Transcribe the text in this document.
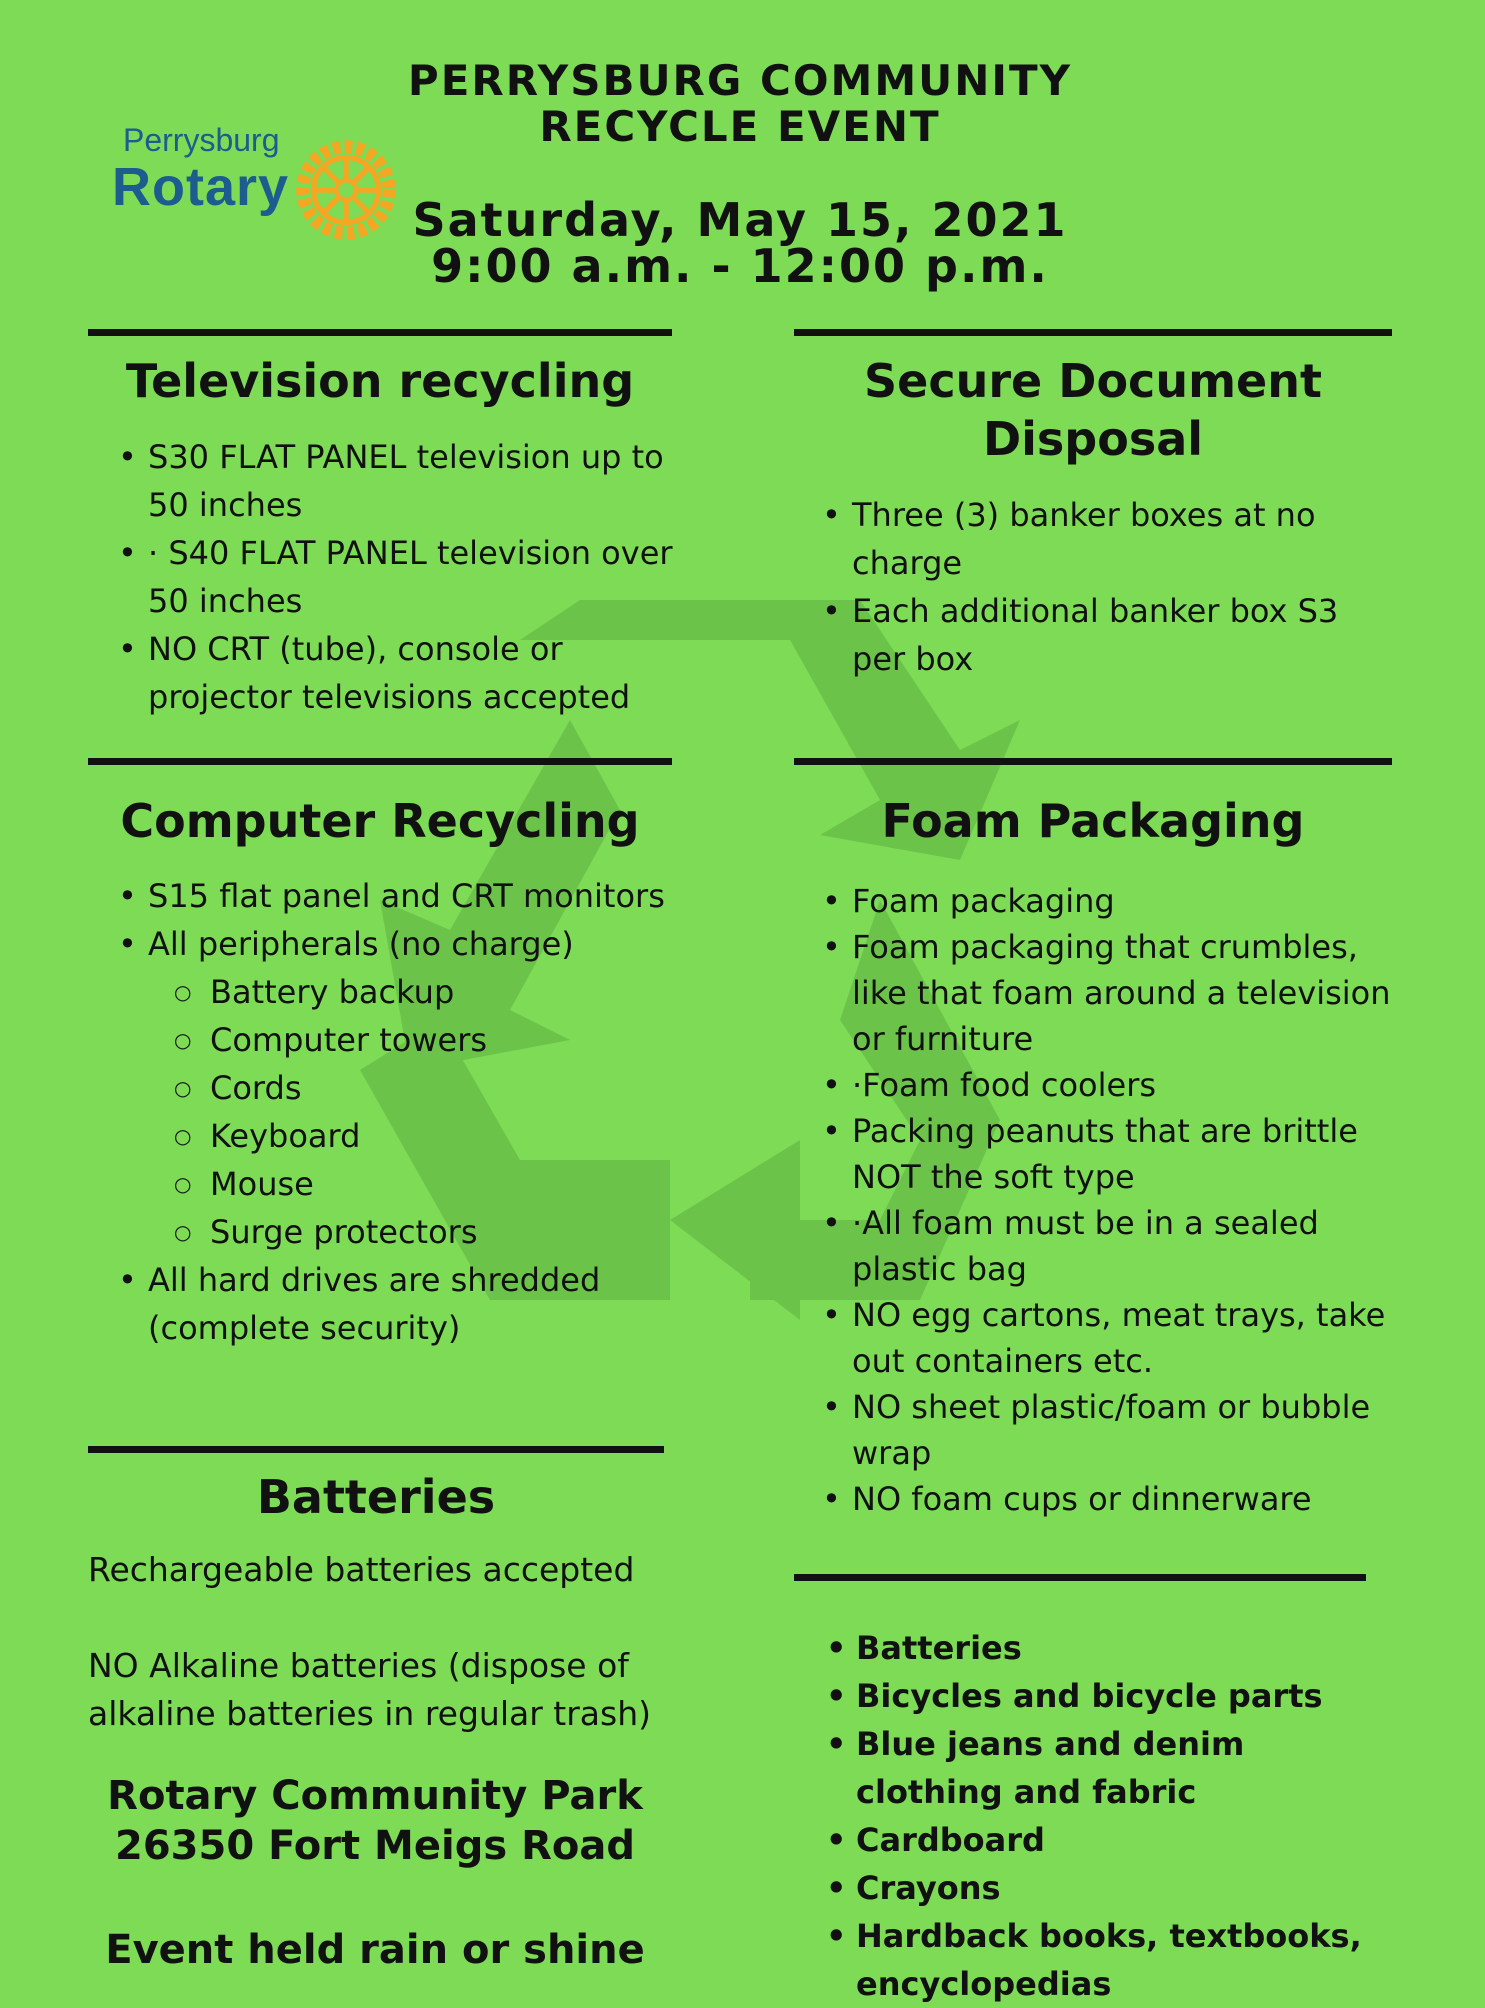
Perrysburg
Rotary
PERRYSBURG COMMUNITY
RECYCLE EVENT
Saturday, May 15, 2021
9:00 a.m. - 12:00 p.m.
Television recycling
• S30 FLAT PANEL television up to 50 inches
• · S40 FLAT PANEL television over 50 inches
• NO CRT (tube), console or projector televisions accepted
Secure Document
Disposal
• Three (3) banker boxes at no charge
• Each additional banker box S3 per box
Computer Recycling
• S15 flat panel and CRT monitors
• All peripherals (no charge)
○ Battery backup
○ Computer towers
○ Cords
○ Keyboard
○ Mouse
○ Surge protectors
• All hard drives are shredded (complete security)
Foam Packaging
• Foam packaging
• Foam packaging that crumbles, like that foam around a television or furniture
• ·Foam food coolers
• Packing peanuts that are brittle NOT the soft type
• ·All foam must be in a sealed plastic bag
• NO egg cartons, meat trays, take out containers etc.
• NO sheet plastic/foam or bubble wrap
• NO foam cups or dinnerware
Batteries
Rechargeable batteries accepted
NO Alkaline batteries (dispose of alkaline batteries in regular trash)
Rotary Community Park
26350 Fort Meigs Road
Event held rain or shine
• Batteries
• Bicycles and bicycle parts
• Blue jeans and denim clothing and fabric
• Cardboard
• Crayons
• Hardback books, textbooks, encyclopedias
